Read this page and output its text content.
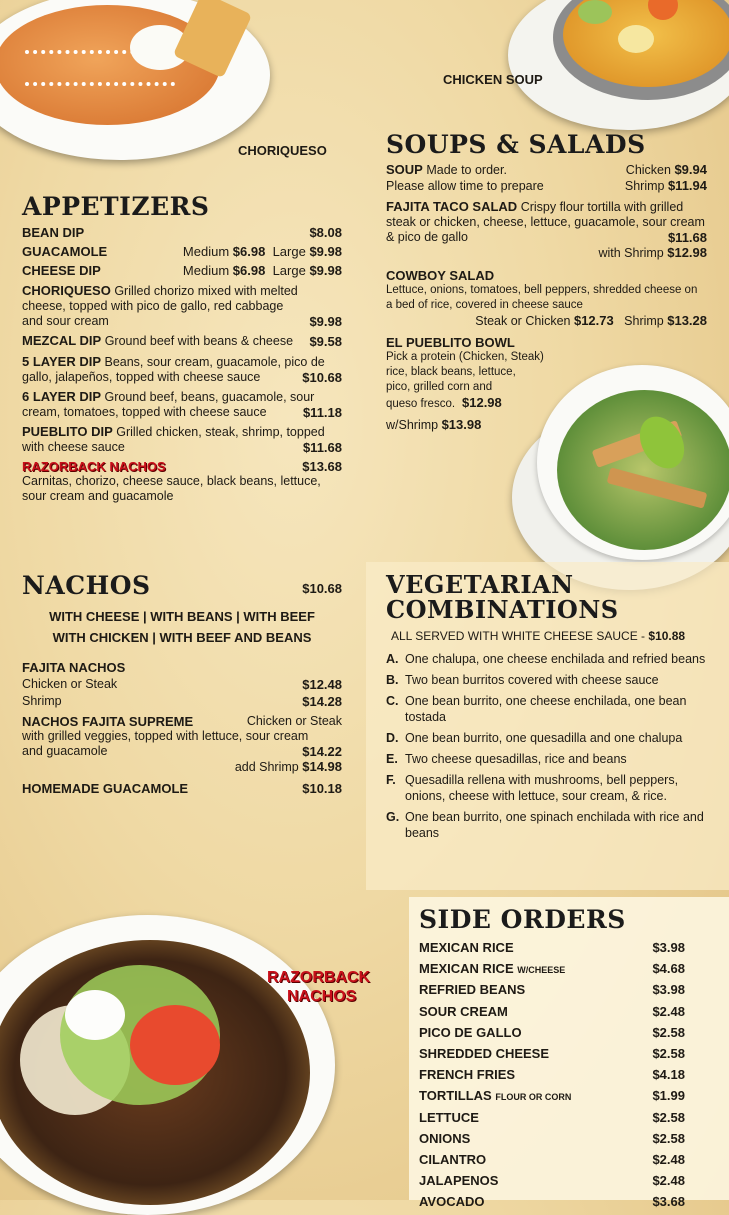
CHORIQUESO
CHICKEN SOUP
RAZORBACK
NACHOS
APPETIZERS
BEAN DIP	$8.08
GUACAMOLE	Medium $6.98 Large $9.98
CHEESE DIP	Medium $6.98 Large $9.98
CHORIQUESO Grilled chorizo mixed with melted
cheese, topped with pico de gallo, red cabbage
and sour cream	$9.98
MEZCAL DIP Ground beef with beans & cheese $9.58
5 LAYER DIP Beans, sour cream, guacamole, pico de
gallo, jalapeños, topped with cheese sauce	$10.68
6 LAYER DIP Ground beef, beans, guacamole, sour
cream, tomatoes, topped with cheese sauce	$11.18
PUEBLITO DIP Grilled chicken, steak, shrimp, topped
with cheese sauce	$11.68
RAZORBACK NACHOS	$13.68
Carnitas, chorizo, cheese sauce, black beans, lettuce,
sour cream and guacamole
NACHOS	$10.68
WITH CHEESE | WITH BEANS | WITH BEEF
WITH CHICKEN | WITH BEEF AND BEANS
FAJITA NACHOS
Chicken or Steak	$12.48
Shrimp	$14.28
NACHOS FAJITA SUPREME	Chicken or Steak
with grilled veggies, topped with lettuce, sour cream
and guacamole	$14.22
add Shrimp $14.98
HOMEMADE GUACAMOLE	$10.18
SOUPS & SALADS
SOUP Made to order.	Chicken $9.94
Please allow time to prepare	Shrimp $11.94
FAJITA TACO SALAD Crispy flour tortilla with grilled
steak or chicken, cheese, lettuce, guacamole, sour cream
& pico de gallo	$11.68
with Shrimp $12.98
COWBOY SALAD
Lettuce, onions, tomatoes, bell peppers, shredded cheese on
a bed of rice, covered in cheese sauce
Steak or Chicken $12.73 Shrimp $13.28
EL PUEBLITO BOWL
Pick a protein (Chicken, Steak)
rice, black beans, lettuce,
pico, grilled corn and
queso fresco. $12.98
w/Shrimp $13.98
VEGETARIAN
COMBINATIONS
ALL SERVED WITH WHITE CHEESE SAUCE - $10.88
A. One chalupa, one cheese enchilada and refried beans
B. Two bean burritos covered with cheese sauce
C. One bean burrito, one cheese enchilada, one bean tostada
D. One bean burrito, one quesadilla and one chalupa
E. Two cheese quesadillas, rice and beans
F. Quesadilla rellena with mushrooms, bell peppers, onions, cheese with lettuce, sour cream, & rice.
G. One bean burrito, one spinach enchilada with rice and beans
SIDE ORDERS
MEXICAN RICE	$3.98
MEXICAN RICE W/CHEESE	$4.68
REFRIED BEANS	$3.98
SOUR CREAM	$2.48
PICO DE GALLO	$2.58
SHREDDED CHEESE	$2.58
FRENCH FRIES	$4.18
TORTILLAS FLOUR OR CORN	$1.99
LETTUCE	$2.58
ONIONS	$2.58
CILANTRO	$2.48
JALAPENOS	$2.48
AVOCADO	$3.68
